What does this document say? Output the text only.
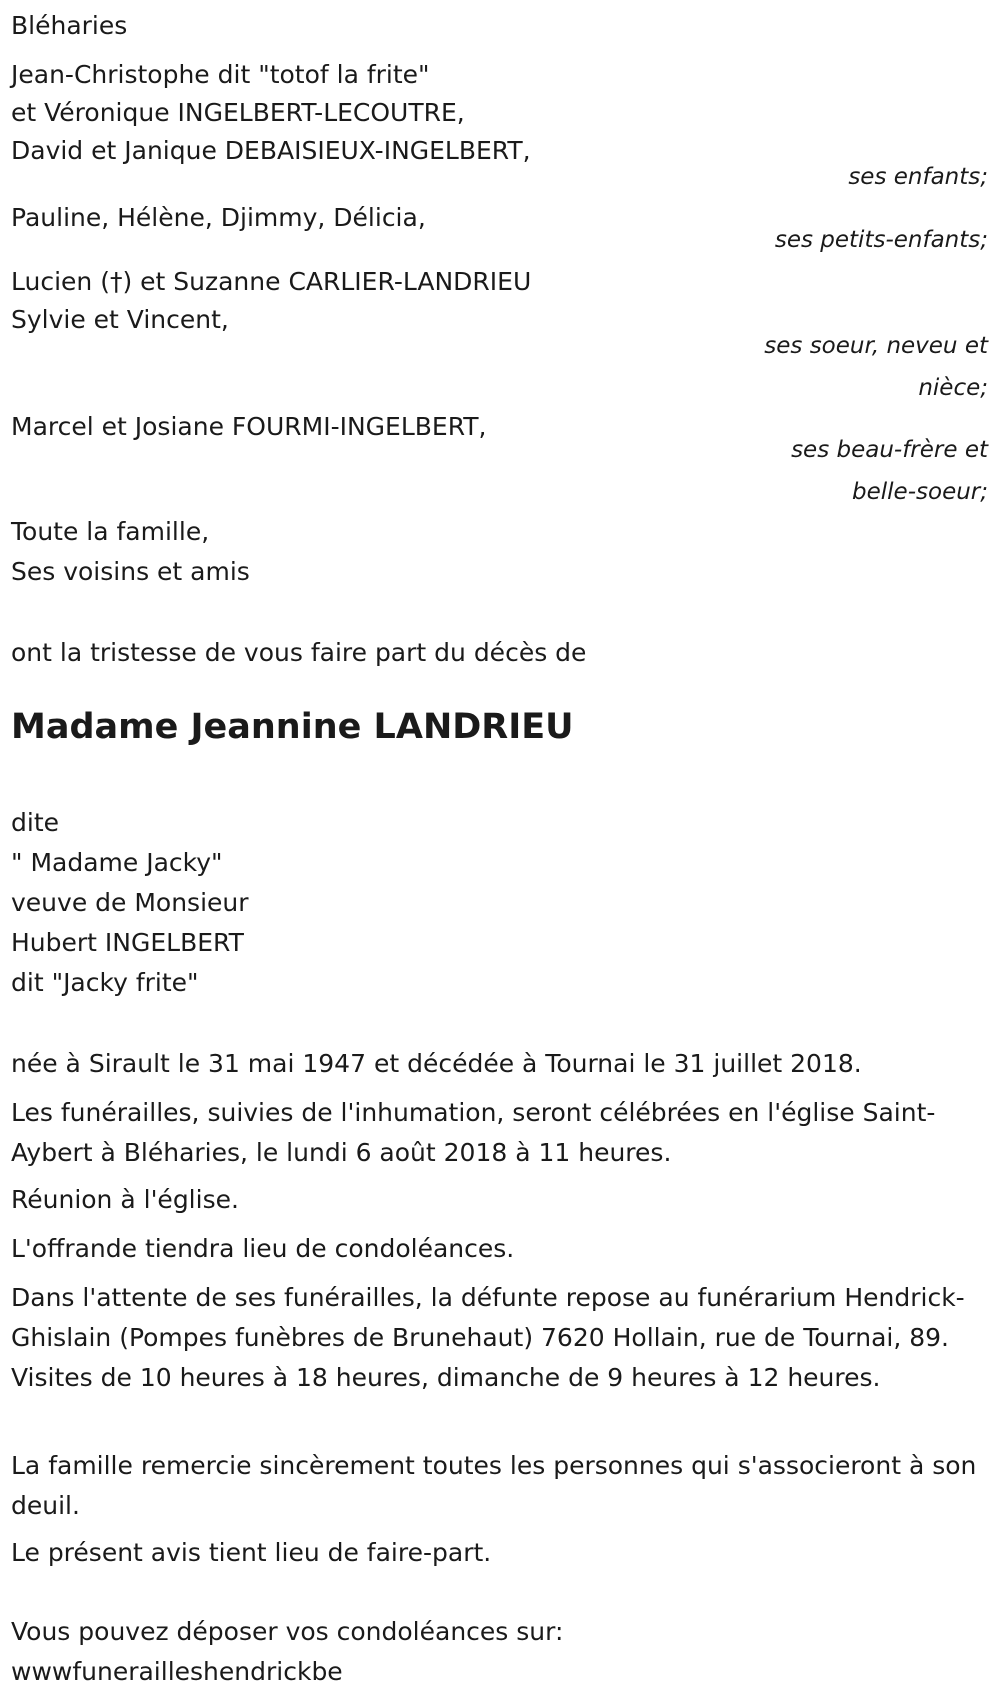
Bléharies
Jean-Christophe dit "totof la frite"
et Véronique INGELBERT-LECOUTRE,
David et Janique DEBAISIEUX-INGELBERT,
ses enfants;
Pauline, Hélène, Djimmy, Délicia,
ses petits-enfants;
Lucien (†) et Suzanne CARLIER-LANDRIEU
Sylvie et Vincent,
ses soeur, neveu et nièce;
Marcel et Josiane FOURMI-INGELBERT,
ses beau-frère et belle-soeur;
Toute la famille,
Ses voisins et amis
ont la tristesse de vous faire part du décès de
Madame Jeannine LANDRIEU
dite
" Madame Jacky"
veuve de Monsieur
Hubert INGELBERT
dit "Jacky frite"
née à Sirault le 31 mai 1947 et décédée à Tournai le 31 juillet 2018.
Les funérailles, suivies de l'inhumation, seront célébrées en l'église Saint-Aybert à Bléharies, le lundi 6 août 2018 à 11 heures.
Réunion à l'église.
L'offrande tiendra lieu de condoléances.
Dans l'attente de ses funérailles, la défunte repose au funérarium Hendrick-Ghislain (Pompes funèbres de Brunehaut) 7620 Hollain, rue de Tournai, 89. Visites de 10 heures à 18 heures, dimanche de 9 heures à 12 heures.
La famille remercie sincèrement toutes les personnes qui s'associeront à son deuil.
Le présent avis tient lieu de faire-part.
Vous pouvez déposer vos condoléances sur:
wwwfunerailleshendrickbe
